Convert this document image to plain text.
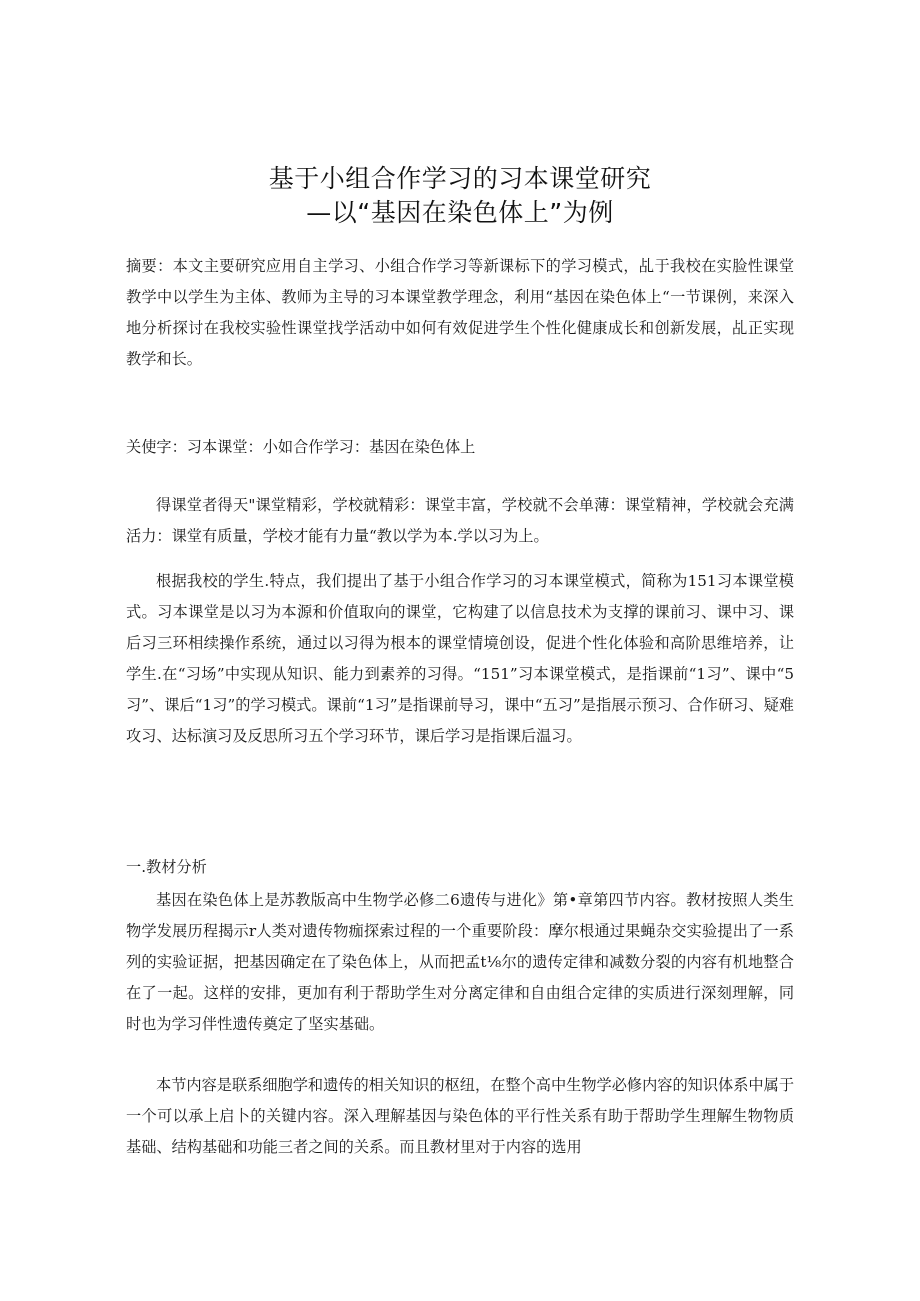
基于小组合作学习的习本课堂研究
—以“基因在染色体上”为例
摘要：本文主要研究应用自主学习、小组合作学习等新课标下的学习模式，乩于我校在实脸性课堂教学中以学生为主体、教师为主导的习本课堂教学理念，利用“基因在染色体上“一节课例，来深入地分析探讨在我校实验性课堂找学活动中如何有效促进学生个性化健康成长和创新发展，乩正实现教学和长。
关使字：习本课堂：小如合作学习：基因在染色体上
得课堂者得天"课堂精彩，学校就精彩：课堂丰富，学校就不会单薄：课堂精神，学校就会充满活力：课堂有质量，学校才能有力量“教以学为本.学以习为上。
根据我校的学生.特点，我们提出了基于小组合作学习的习本课堂模式，简称为151习本课堂模式。习本课堂是以习为本源和价值取向的课堂，它构建了以信息技术为支撑的课前习、课中习、课后习三环相续操作系统，通过以习得为根本的课堂情境创设，促进个性化体验和高阶思维培养，让学生.在“习场”中实现从知识、能力到素养的习得。“151”习本课堂模式，是指课前“1习”、课中“5习”、课后“1习”的学习模式。课前“1习”是指课前导习，课中“五习”是指展示预习、合作研习、疑难攻习、达标演习及反思所习五个学习环节，课后学习是指课后温习。
一.教材分析
基因在染色体上是苏教版高中生物学必修二6遗传与进化》第•章第四节内容。教材按照人类生物学发展历程揭示r人类对遗传物痂探索过程的一个重要阶段：摩尔根通过果蝇杂交实验提出了一系列的实验证据，把基因确定在了染色体上，从而把孟t⅛尔的遗传定律和减数分裂的内容有机地整合在了一起。这样的安排，更加有利于帮助学生对分离定律和自由组合定律的实质进行深刻理解，同时也为学习伴性遗传奠定了坚实基础。
本节内容是联系细胞学和遗传的相关知识的枢纽，在整个高中生物学必修内容的知识体系中属于一个可以承上启卜的关键内容。深入理解基因与染色体的平行性关系有助于帮助学生理解生物物质基础、结构基础和功能三者之间的关系。而且教材里对于内容的选用
